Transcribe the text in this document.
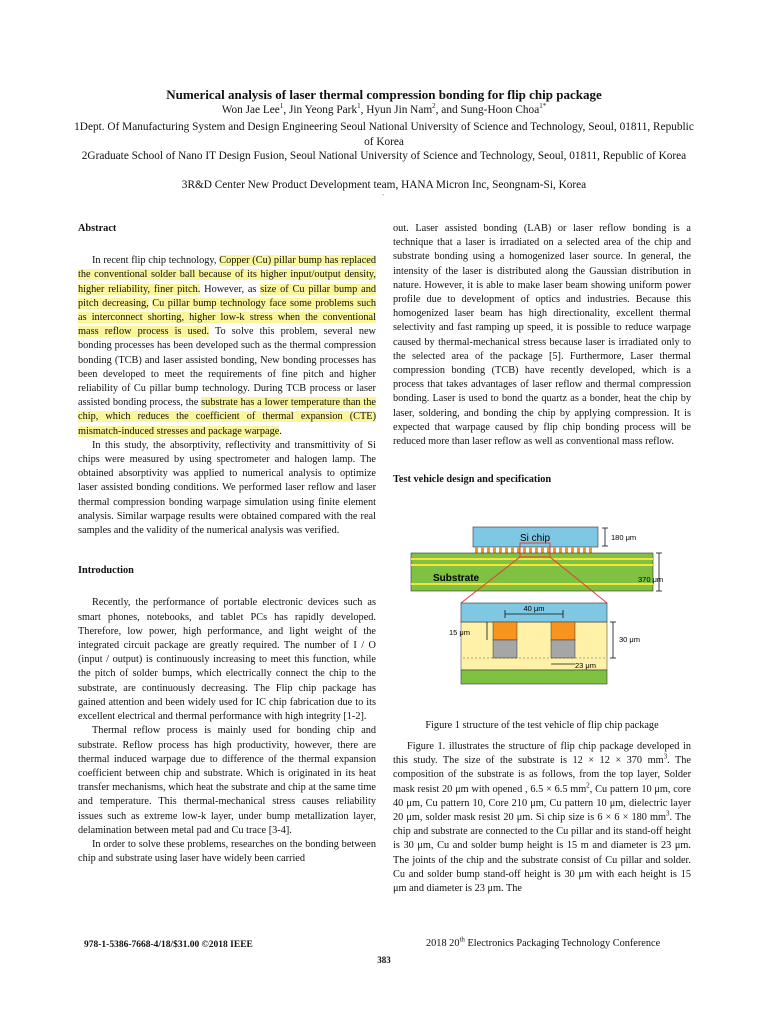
Numerical analysis of laser thermal compression bonding for flip chip package

Won Jae Lee$^1$, Jin Yeong Park$^1$, Hyun Jin Nam$^2$, and Sung-Hoon Choa$^{1*}$

1Dept. Of Manufacturing System and Design Engineering Seoul National University of Science and Technology, Seoul, 01811, Republic of Korea

2Graduate School of Nano IT Design Fusion, Seoul National University of Science and Technology, Seoul, 01811, Republic of Korea

3R&D Center New Product Development team, HANA Micron Inc, Seongnam-Si, Korea

`

Abstract

In recent flip chip technology, Copper (Cu) pillar bump has replaced the conventional solder ball because of its higher input/output density, higher reliability, finer pitch. However, as size of Cu pillar bump and pitch decreasing, Cu pillar bump technology face some problems such as interconnect shorting, higher low-k stress when the conventional mass reflow process is used. To solve this problem, several new bonding processes has been developed such as the thermal compression bonding (TCB) and laser assisted bonding, New bonding processes has been developed to meet the requirements of fine pitch and higher reliability of Cu pillar bump technology. During TCB process or laser assisted bonding process, the substrate has a lower temperature than the chip, which reduces the coefficient of thermal expansion (CTE) mismatch-induced stresses and package warpage.

In this study, the absorptivity, reflectivity and transmittivity of Si chips were measured by using spectrometer and halogen lamp. The obtained absorptivity was applied to numerical analysis to optimize laser assisted bonding conditions. We performed laser reflow and laser thermal compression bonding warpage simulation using finite element analysis. Similar warpage results were obtained compared with the real samples and the validity of the numerical analysis was verified.

Introduction

Recently, the performance of portable electronic devices such as smart phones, notebooks, and tablet PCs has rapidly developed. Therefore, low power, high performance, and light weight of the integrated circuit package are greatly required. The number of I / O (input / output) is continuously increasing to meet this function, while the pitch of solder bumps, which electrically connect the chip to the substrate, are continuously decreasing. The Flip chip package has gained attention and been widely used for IC chip fabrication due to its excellent electrical and thermal performance with high integrity [1-2].

Thermal reflow process is mainly used for bonding chip and substrate. Reflow process has high productivity, however, there are thermal induced warpage due to difference of the thermal expansion coefficient between chip and substrate. Which is originated in its heat transfer mechanisms, which heat the substrate and chip at the same time and temperature. This thermal-mechanical stress causes reliability issues such as extreme low-k layer, under bump metallization layer, delamination between metal pad and Cu trace [3-4].

In order to solve these problems, researches on the bonding between chip and substrate using laser have widely been carried

out. Laser assisted bonding (LAB) or laser reflow bonding is a technique that a laser is irradiated on a selected area of the chip and substrate bonding using a homogenized laser source. In general, the intensity of the laser is distributed along the Gaussian distribution in nature. However, it is able to make laser beam showing uniform power profile due to development of optics and industries. Because this homogenized laser beam has high directionality, excellent thermal selectivity and fast ramping up speed, it is possible to reduce warpage caused by thermal-mechanical stress because laser is irradiated only to the selected area of the package [5]. Furthermore, Laser thermal compression bonding (TCB) have recently developed, which is a process that takes advantages of laser reflow and thermal compression bonding. Laser is used to bond the quartz as a bonder, heat the chip by laser, soldering, and bonding the chip by applying compression. It is expected that warpage caused by flip chip bonding process will be reduced more than laser reflow as well as conventional mass reflow.

Test vehicle design and specification

Si chip	180 μm
Substrate	370 μm
40 μm
15 μm
30 μm
23 μm

Figure 1 structure of the test vehicle of flip chip package

Figure 1. illustrates the structure of flip chip package developed in this study. The size of the substrate is 12 × 12 × 370 $mm^3$. The composition of the substrate is as follows, from the top layer, Solder mask resist 20 μm with opened , 6.5 × 6.5 $mm^2$, Cu pattern 10 μm, core 40 μm, Cu pattern 10, Core 210 μm, Cu pattern 10 μm, dielectric layer 20 μm, solder mask resist 20 μm. Si chip size is 6 × 6 × 180 $mm^3$. The chip and substrate are connected to the Cu pillar and its stand-off height is 30 μm, Cu and solder bump height is 15 m and diameter is 23 μm. The joints of the chip and the substrate consist of Cu pillar and solder. Cu and solder bump stand-off height is 30 μm with each height is 15 μm and diameter is 23 μm. The

978-1-5386-7668-4/18/$31.00 ©2018 IEEE	2018 20th Electronics Packaging Technology Conference
383
